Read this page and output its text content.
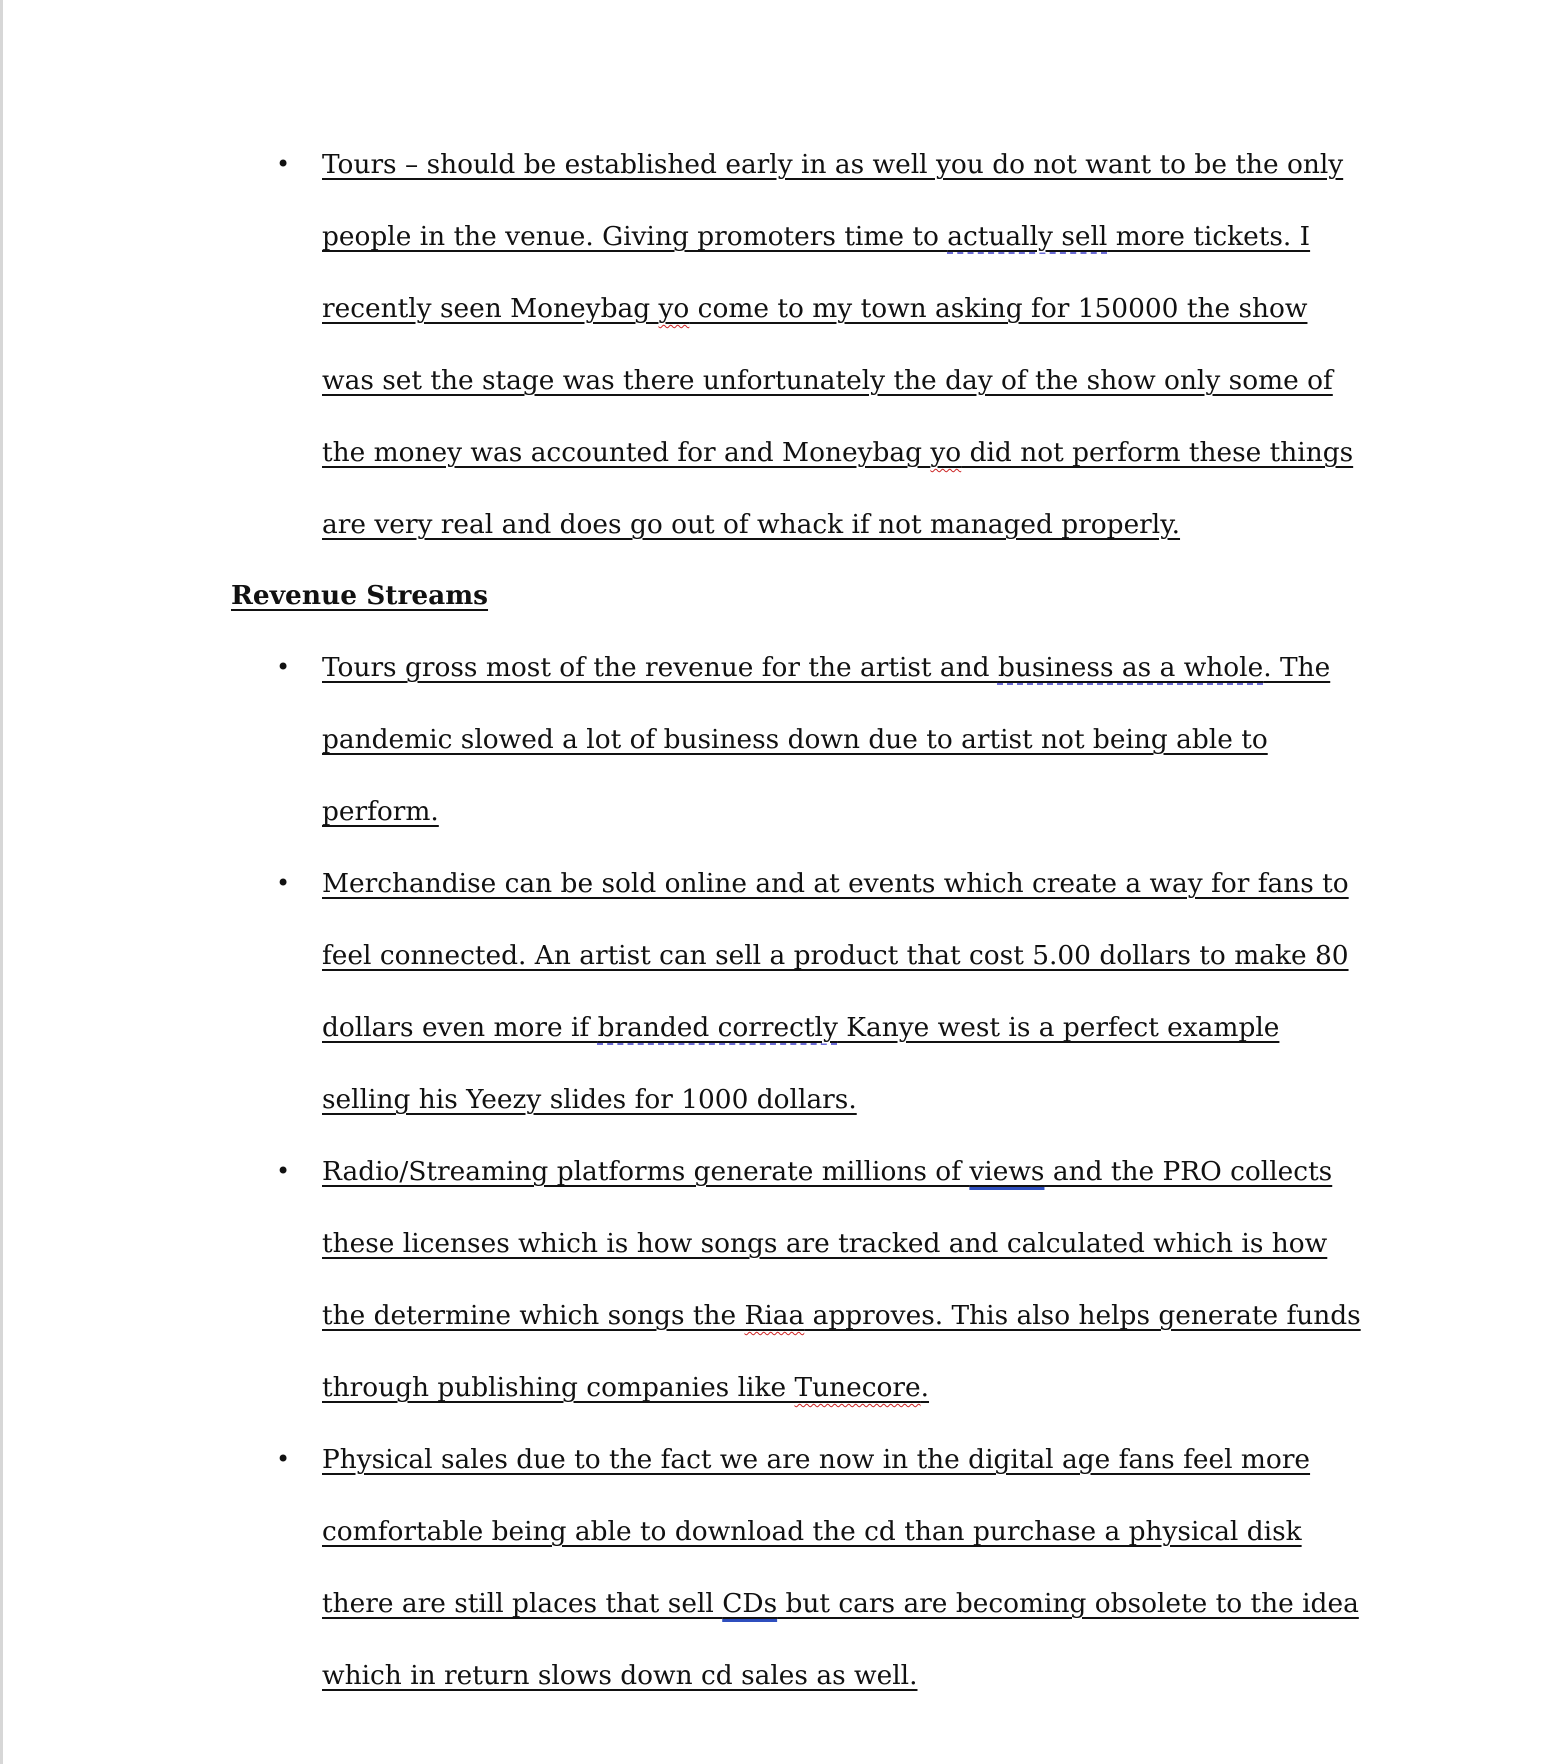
•	Tours – should be established early in as well you do not want to be the only
people in the venue. Giving promoters time to actually sell more tickets. I
recently seen Moneybag yo come to my town asking for 150000 the show
was set the stage was there unfortunately the day of the show only some of
the money was accounted for and Moneybag yo did not perform these things
are very real and does go out of whack if not managed properly.
Revenue Streams
•	Tours gross most of the revenue for the artist and business as a whole. The
pandemic slowed a lot of business down due to artist not being able to
perform.
•	Merchandise can be sold online and at events which create a way for fans to
feel connected. An artist can sell a product that cost 5.00 dollars to make 80
dollars even more if branded correctly Kanye west is a perfect example
selling his Yeezy slides for 1000 dollars.
•	Radio/Streaming platforms generate millions of views and the PRO collects
these licenses which is how songs are tracked and calculated which is how
the determine which songs the Riaa approves. This also helps generate funds
through publishing companies like Tunecore.
•	Physical sales due to the fact we are now in the digital age fans feel more
comfortable being able to download the cd than purchase a physical disk
there are still places that sell CDs but cars are becoming obsolete to the idea
which in return slows down cd sales as well.
